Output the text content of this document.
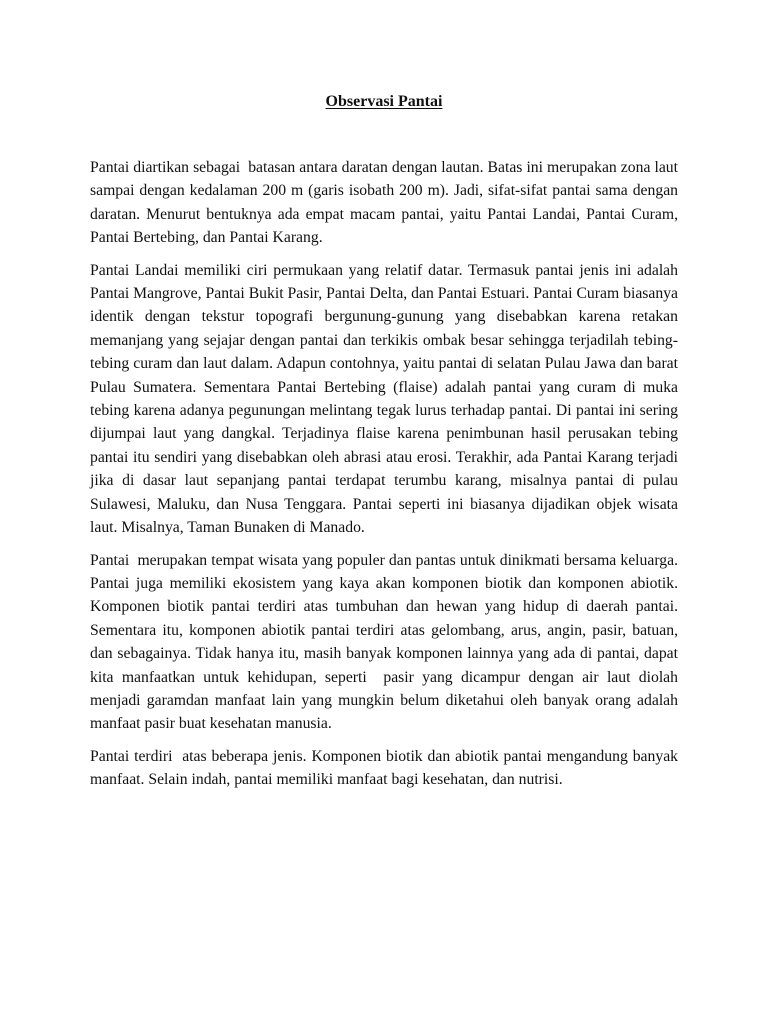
Observasi Pantai

Pantai diartikan sebagai  batasan antara daratan dengan lautan. Batas ini merupakan zona laut sampai dengan kedalaman 200 m (garis isobath 200 m). Jadi, sifat-sifat pantai sama dengan daratan. Menurut bentuknya ada empat macam pantai, yaitu Pantai Landai, Pantai Curam, Pantai Bertebing, dan Pantai Karang.

Pantai Landai memiliki ciri permukaan yang relatif datar. Termasuk pantai jenis ini adalah Pantai Mangrove, Pantai Bukit Pasir, Pantai Delta, dan Pantai Estuari. Pantai Curam biasanya identik dengan tekstur topografi bergunung-gunung yang disebabkan karena retakan memanjang yang sejajar dengan pantai dan terkikis ombak besar sehingga terjadilah tebing-tebing curam dan laut dalam. Adapun contohnya, yaitu pantai di selatan Pulau Jawa dan barat Pulau Sumatera. Sementara Pantai Bertebing (flaise) adalah pantai yang curam di muka tebing karena adanya pegunungan melintang tegak lurus terhadap pantai. Di pantai ini sering dijumpai laut yang dangkal. Terjadinya flaise karena penimbunan hasil perusakan tebing pantai itu sendiri yang disebabkan oleh abrasi atau erosi. Terakhir, ada Pantai Karang terjadi jika di dasar laut sepanjang pantai terdapat terumbu karang, misalnya pantai di pulau Sulawesi, Maluku, dan Nusa Tenggara. Pantai seperti ini biasanya dijadikan objek wisata laut. Misalnya, Taman Bunaken di Manado.

Pantai  merupakan tempat wisata yang populer dan pantas untuk dinikmati bersama keluarga. Pantai juga memiliki ekosistem yang kaya akan komponen biotik dan komponen abiotik. Komponen biotik pantai terdiri atas tumbuhan dan hewan yang hidup di daerah pantai.  Sementara itu, komponen abiotik pantai terdiri atas gelombang, arus, angin, pasir, batuan, dan sebagainya. Tidak hanya itu, masih banyak komponen lainnya yang ada di pantai, dapat kita manfaatkan untuk kehidupan, seperti  pasir yang dicampur dengan air laut diolah menjadi garamdan manfaat lain yang mungkin belum diketahui oleh banyak orang adalah manfaat pasir buat kesehatan manusia.

Pantai terdiri  atas beberapa jenis. Komponen biotik dan abiotik pantai mengandung banyak manfaat. Selain indah, pantai memiliki manfaat bagi kesehatan, dan nutrisi.
